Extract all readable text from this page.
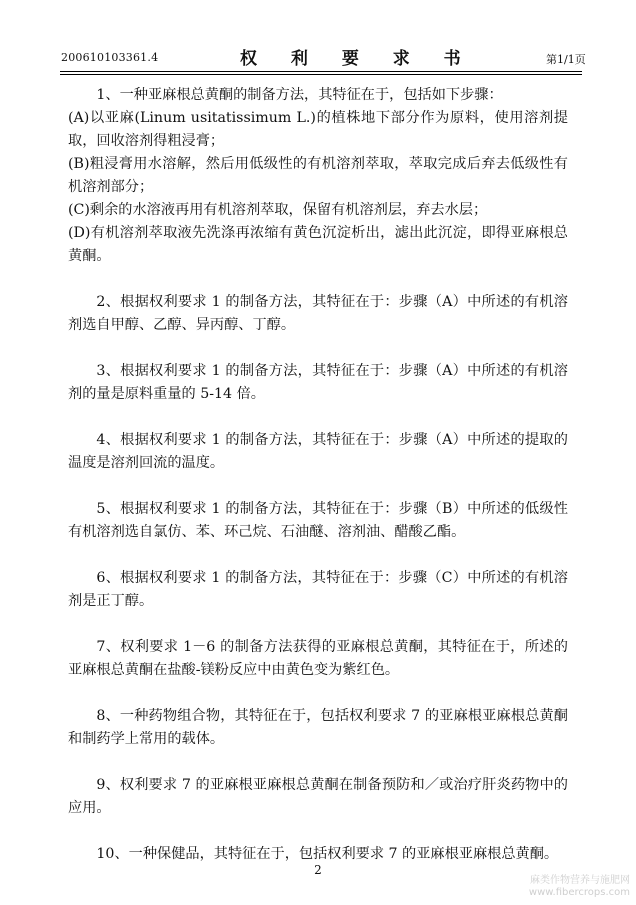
200610103361.4	权 利 要 求 书	第1/1页

1、一种亚麻根总黄酮的制备方法，其特征在于，包括如下步骤：

(A)以亚麻(Linum usitatissimum L.)的植株地下部分作为原料，使用溶剂提取，回收溶剂得粗浸膏；

(B)粗浸膏用水溶解，然后用低级性的有机溶剂萃取，萃取完成后弃去低级性有机溶剂部分；

(C)剩余的水溶液再用有机溶剂萃取，保留有机溶剂层，弃去水层；

(D)有机溶剂萃取液先洗涤再浓缩有黄色沉淀析出，滤出此沉淀，即得亚麻根总黄酮。

2、根据权利要求 1 的制备方法，其特征在于：步骤（A）中所述的有机溶剂选自甲醇、乙醇、异丙醇、丁醇。

3、根据权利要求 1 的制备方法，其特征在于：步骤（A）中所述的有机溶剂的量是原料重量的 5-14 倍。

4、根据权利要求 1 的制备方法，其特征在于：步骤（A）中所述的提取的温度是溶剂回流的温度。

5、根据权利要求 1 的制备方法，其特征在于：步骤（B）中所述的低级性有机溶剂选自氯仿、苯、环己烷、石油醚、溶剂油、醋酸乙酯。

6、根据权利要求 1 的制备方法，其特征在于：步骤（C）中所述的有机溶剂是正丁醇。

7、权利要求 1－6 的制备方法获得的亚麻根总黄酮，其特征在于，所述的亚麻根总黄酮在盐酸-镁粉反应中由黄色变为紫红色。

8、一种药物组合物，其特征在于，包括权利要求 7 的亚麻根亚麻根总黄酮和制药学上常用的载体。

9、权利要求 7 的亚麻根亚麻根总黄酮在制备预防和／或治疗肝炎药物中的应用。

10、一种保健品，其特征在于，包括权利要求 7 的亚麻根亚麻根总黄酮。

2
麻类作物营养与施肥网
www.fibercrops.com
